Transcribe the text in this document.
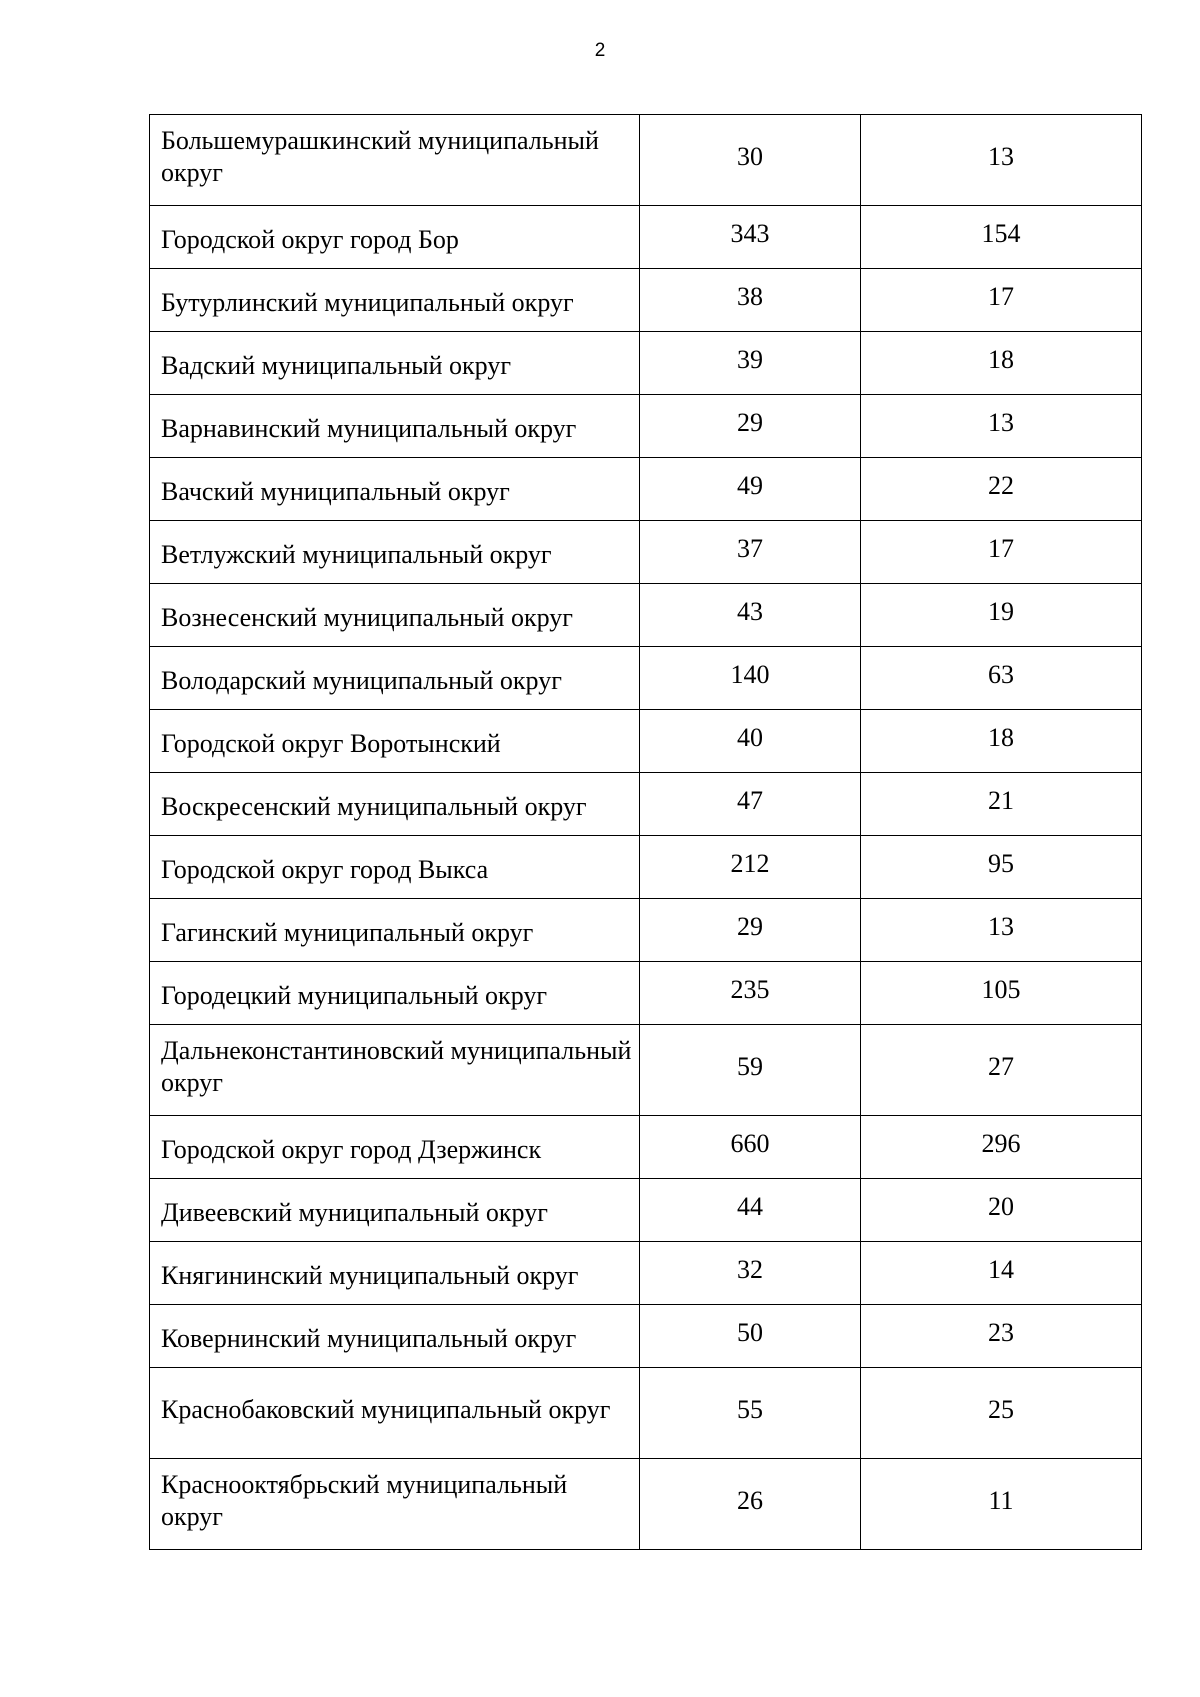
2
Большемурашкинский муниципальный округ	30	13
Городской округ город Бор	343	154
Бутурлинский муниципальный округ	38	17
Вадский муниципальный округ	39	18
Варнавинский муниципальный округ	29	13
Вачский муниципальный округ	49	22
Ветлужский муниципальный округ	37	17
Вознесенский муниципальный округ	43	19
Володарский муниципальный округ	140	63
Городской округ Воротынский	40	18
Воскресенский муниципальный округ	47	21
Городской округ город Выкса	212	95
Гагинский муниципальный округ	29	13
Городецкий муниципальный округ	235	105
Дальнеконстантиновский муниципальный округ	59	27
Городской округ город Дзержинск	660	296
Дивеевский муниципальный округ	44	20
Княгининский муниципальный округ	32	14
Ковернинский муниципальный округ	50	23
Краснобаковский муниципальный округ	55	25
Краснооктябрьский муниципальный округ	26	11
